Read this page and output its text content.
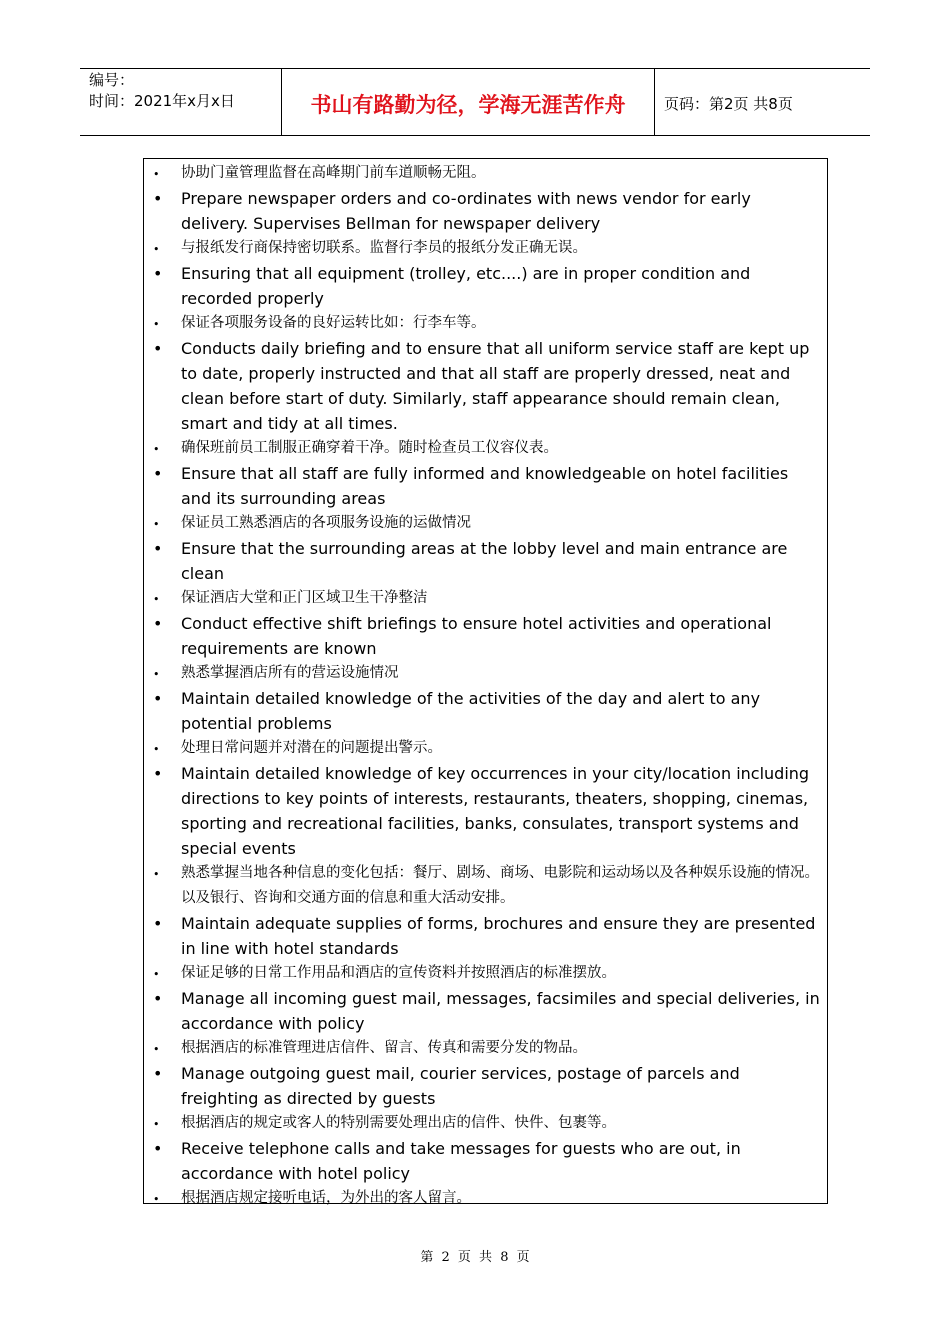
编号：
时间：2021年x月x日	书山有路勤为径，学海无涯苦作舟	页码：第2页 共8页
• 协助门童管理监督在高峰期门前车道顺畅无阻。
• Prepare newspaper orders and co-ordinates with news vendor for early delivery. Supervises Bellman for newspaper delivery
• 与报纸发行商保持密切联系。监督行李员的报纸分发正确无误。
• Ensuring that all equipment (trolley, etc....) are in proper condition and recorded properly
• 保证各项服务设备的良好运转比如：行李车等。
• Conducts daily briefing and to ensure that all uniform service staff are kept up to date, properly instructed and that all staff are properly dressed, neat and clean before start of duty. Similarly, staff appearance should remain clean, smart and tidy at all times.
• 确保班前员工制服正确穿着干净。随时检查员工仪容仪表。
• Ensure that all staff are fully informed and knowledgeable on hotel facilities and its surrounding areas
• 保证员工熟悉酒店的各项服务设施的运做情况
• Ensure that the surrounding areas at the lobby level and main entrance are clean
• 保证酒店大堂和正门区域卫生干净整洁
• Conduct effective shift briefings to ensure hotel activities and operational requirements are known
• 熟悉掌握酒店所有的营运设施情况
• Maintain detailed knowledge of the activities of the day and alert to any potential problems
• 处理日常问题并对潜在的问题提出警示。
• Maintain detailed knowledge of key occurrences in your city/location including directions to key points of interests, restaurants, theaters, shopping, cinemas, sporting and recreational facilities, banks, consulates, transport systems and special events
• 熟悉掌握当地各种信息的变化包括：餐厅、剧场、商场、电影院和运动场以及各种娱乐设施的情况。以及银行、咨询和交通方面的信息和重大活动安排。
• Maintain adequate supplies of forms, brochures and ensure they are presented in line with hotel standards
• 保证足够的日常工作用品和酒店的宣传资料并按照酒店的标准摆放。
• Manage all incoming guest mail, messages, facsimiles and special deliveries, in accordance with policy
• 根据酒店的标准管理进店信件、留言、传真和需要分发的物品。
• Manage outgoing guest mail, courier services, postage of parcels and freighting as directed by guests
• 根据酒店的规定或客人的特别需要处理出店的信件、快件、包裹等。
• Receive telephone calls and take messages for guests who are out, in accordance with hotel policy
• 根据酒店规定接听电话，为外出的客人留言。
第 2 页 共 8 页
